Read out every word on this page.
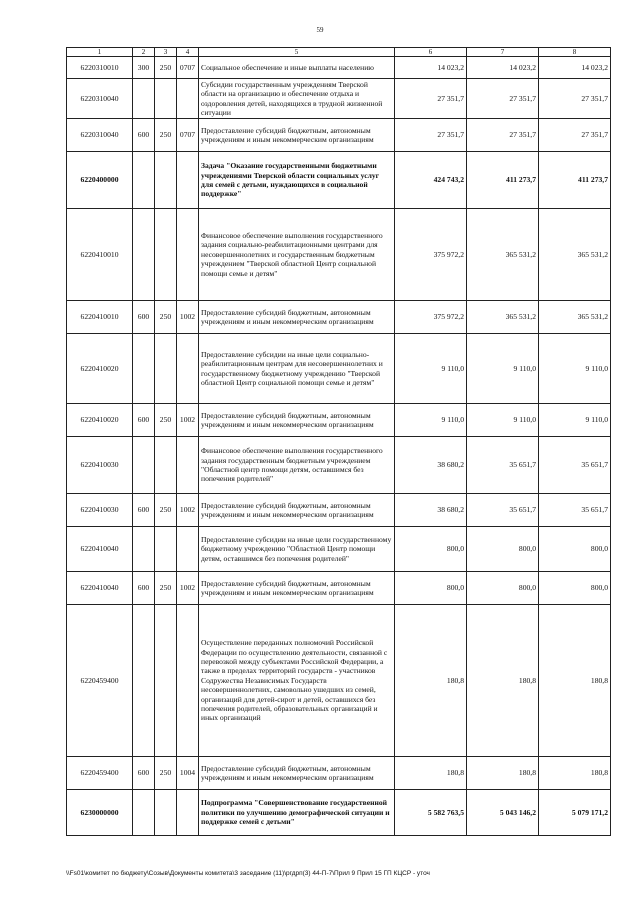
59
1	2	3	4	5	6	7	8
6220310010	300	250	0707	Социальное обеспечение и иные выплаты населению	14 023,2	14 023,2	14 023,2
6220310040				Субсидии государственным учреждениям Тверской области на организацию и обеспечение отдыха и оздоровления детей, находящихся в трудной жизненной ситуации	27 351,7	27 351,7	27 351,7
6220310040	600	250	0707	Предоставление субсидий бюджетным, автономным учреждениям и иным некоммерческим организациям	27 351,7	27 351,7	27 351,7
6220400000				Задача "Оказание государственными бюджетными учреждениями Тверской области социальных услуг для семей с детьми, нуждающихся в социальной поддержке"	424 743,2	411 273,7	411 273,7
6220410010				Финансовое обеспечение выполнения государственного задания социально-реабилитационными центрами для несовершеннолетних и государственным бюджетным учреждением "Тверской областной Центр социальной помощи семье и детям"	375 972,2	365 531,2	365 531,2
6220410010	600	250	1002	Предоставление субсидий бюджетным, автономным учреждениям и иным некоммерческим организациям	375 972,2	365 531,2	365 531,2
6220410020				Предоставление субсидии на иные цели социально-реабилитационным центрам для несовершеннолетних и государственному бюджетному учреждению "Тверской областной Центр социальной помощи семье и детям"	9 110,0	9 110,0	9 110,0
6220410020	600	250	1002	Предоставление субсидий бюджетным, автономным учреждениям и иным некоммерческим организациям	9 110,0	9 110,0	9 110,0
6220410030				Финансовое обеспечение выполнения государственного задания государственным бюджетным учреждением "Областной центр помощи детям, оставшимся без попечения родителей"	38 680,2	35 651,7	35 651,7
6220410030	600	250	1002	Предоставление субсидий бюджетным, автономным учреждениям и иным некоммерческим организациям	38 680,2	35 651,7	35 651,7
6220410040				Предоставление субсидии на иные цели государственному бюджетному учреждению "Областной Центр помощи детям, оставшимся без попечения родителей"	800,0	800,0	800,0
6220410040	600	250	1002	Предоставление субсидий бюджетным, автономным учреждениям и иным некоммерческим организациям	800,0	800,0	800,0
6220459400				Осуществление переданных полномочий Российской Федерации по осуществлению деятельности, связанной с перевозкой между субъектами Российской Федерации, а также в пределах территорий государств - участников Содружества Независимых Государств несовершеннолетних, самовольно ушедших из семей, организаций для детей-сирот и детей, оставшихся без попечения родителей, образовательных организаций и иных организаций	180,8	180,8	180,8
6220459400	600	250	1004	Предоставление субсидий бюджетным, автономным учреждениям и иным некоммерческим организациям	180,8	180,8	180,8
6230000000				Подпрограмма "Совершенствование государственной политики по улучшению демографической ситуации и поддержке семей с детьми"	5 582 763,5	5 043 146,2	5 079 171,2
\\Fs01\комитет по бюджету\Созыв\Документы комитета\3 заседание (11)\ргдрп(3) 44-П-7\Прил 9 Прил 15 ГП КЦСР - уточ
